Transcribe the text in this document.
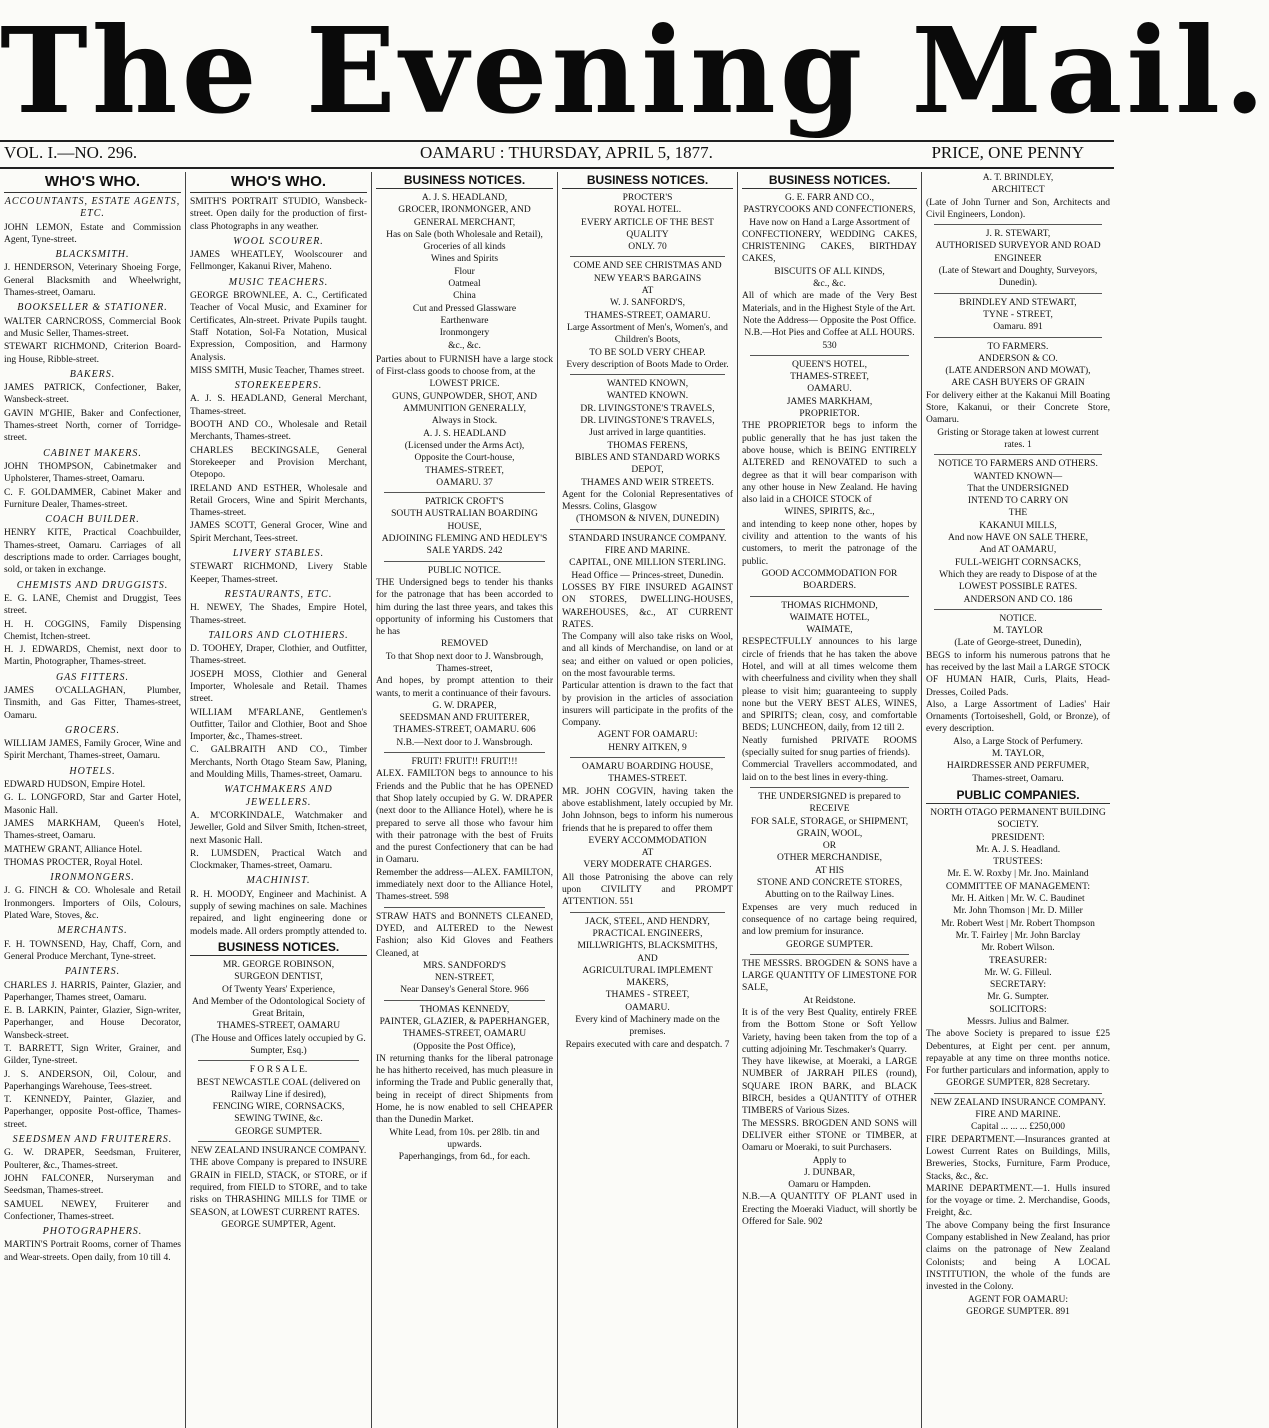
The Evening Mail.
VOL. I.—NO. 296.	OAMARU : THURSDAY, APRIL 5, 1877.	PRICE, ONE PENNY
WHO'S WHO.
ACCOUNTANTS, ESTATE AGENTS, ETC.
JOHN LEMON, Estate and Commission Agent, Tyne-street.
BLACKSMITH.
J. HENDERSON, Veterinary Shoeing Forge, General Blacksmith and Wheelwright, Thames-street, Oamaru.
BOOKSELLER & STATIONER.
WALTER CARNCROSS, Commercial Book and Music Seller, Thames-street.
STEWART RICHMOND, Criterion Board-ing House, Ribble-street.
BAKERS.
JAMES PATRICK, Confectioner, Baker, Wansbeck-street.
GAVIN M'GHIE, Baker and Confectioner, Thames-street North, corner of Torridge-street.
CABINET MAKERS.
JOHN THOMPSON, Cabinetmaker and Upholsterer, Thames-street, Oamaru.
C. F. GOLDAMMER, Cabinet Maker and Furniture Dealer, Thames-street.
COACH BUILDER.
HENRY KITE, Practical Coachbuilder, Thames-street, Oamaru. Carriages of all descriptions made to order. Carriages bought, sold, or taken in exchange.
CHEMISTS AND DRUGGISTS.
E. G. LANE, Chemist and Druggist, Tees street.
H. H. COGGINS, Family Dispensing Chemist, Itchen-street.
H. J. EDWARDS, Chemist, next door to Martin, Photographer, Thames-street.
GAS FITTERS.
JAMES O'CALLAGHAN, Plumber, Tinsmith, and Gas Fitter, Thames-street, Oamaru.
GROCERS.
WILLIAM JAMES, Family Grocer, Wine and Spirit Merchant, Thames-street, Oamaru.
HOTELS.
EDWARD HUDSON, Empire Hotel.
G. L. LONGFORD, Star and Garter Hotel, Masonic Hall.
JAMES MARKHAM, Queen's Hotel, Thames-street, Oamaru.
MATHEW GRANT, Alliance Hotel.
THOMAS PROCTER, Royal Hotel.
IRONMONGERS.
J. G. FINCH & CO. Wholesale and Retail Ironmongers. Importers of Oils, Colours, Plated Ware, Stoves, &c.
MERCHANTS.
F. H. TOWNSEND, Hay, Chaff, Corn, and General Produce Merchant, Tyne-street.
PAINTERS.
CHARLES J. HARRIS, Painter, Glazier, and Paperhanger, Thames street, Oamaru.
E. B. LARKIN, Painter, Glazier, Sign-writer, Paperhanger, and House Decorator, Wansbeck-street.
T. BARRETT, Sign Writer, Grainer, and Gilder, Tyne-street.
J. S. ANDERSON, Oil, Colour, and Paperhangings Warehouse, Tees-street.
T. KENNEDY, Painter, Glazier, and Paperhanger, opposite Post-office, Thames-street.
SEEDSMEN AND FRUITERERS.
G. W. DRAPER, Seedsman, Fruiterer, Poulterer, &c., Thames-street.
JOHN FALCONER, Nurseryman and Seedsman, Thames-street.
SAMUEL NEWEY, Fruiterer and Confectioner, Thames-street.
PHOTOGRAPHERS.
MARTIN'S Portrait Rooms, corner of Thames and Wear-streets. Open daily, from 10 till 4.
WHO'S WHO.
SMITH'S PORTRAIT STUDIO, Wansbeck-street. Open daily for the production of first-class Photographs in any weather.
WOOL SCOURER.
JAMES WHEATLEY, Woolscourer and Fellmonger, Kakanui River, Maheno.
MUSIC TEACHERS.
GEORGE BROWNLEE, A. C., Certificated Teacher of Vocal Music, and Examiner for Certificates, Aln-street. Private Pupils taught. Staff Notation, Sol-Fa Notation, Musical Expression, Composition, and Harmony Analysis.
MISS SMITH, Music Teacher, Thames street.
STOREKEEPERS.
A. J. S. HEADLAND, General Merchant, Thames-street.
BOOTH AND CO., Wholesale and Retail Merchants, Thames-street.
CHARLES BECKINGSALE, General Storekeeper and Provision Merchant, Otepopo.
IRELAND AND ESTHER, Wholesale and Retail Grocers, Wine and Spirit Merchants, Thames-street.
JAMES SCOTT, General Grocer, Wine and Spirit Merchant, Tees-street.
LIVERY STABLES.
STEWART RICHMOND, Livery Stable Keeper, Thames-street.
RESTAURANTS, ETC.
H. NEWEY, The Shades, Empire Hotel, Thames-street.
TAILORS AND CLOTHIERS.
D. TOOHEY, Draper, Clothier, and Outfitter, Thames-street.
JOSEPH MOSS, Clothier and General Importer, Wholesale and Retail. Thames street.
WILLIAM M'FARLANE, Gentlemen's Outfitter, Tailor and Clothier, Boot and Shoe Importer, &c., Thames-street.
C. GALBRAITH AND CO., Timber Merchants, North Otago Steam Saw, Planing, and Moulding Mills, Thames-street, Oamaru.
WATCHMAKERS AND JEWELLERS.
A. M'CORKINDALE, Watchmaker and Jeweller, Gold and Silver Smith, Itchen-street, next Masonic Hall.
R. LUMSDEN, Practical Watch and Clockmaker, Thames-street, Oamaru.
MACHINIST.
R. H. MOODY, Engineer and Machinist. A supply of sewing machines on sale. Machines repaired, and light engineering done or models made. All orders promptly attended to.
BUSINESS NOTICES.
MR. GEORGE ROBINSON,
SURGEON DENTIST,
Of Twenty Years' Experience,
And Member of the Odontological Society of Great Britain,
THAMES-STREET, OAMARU
(The House and Offices lately occupied by G. Sumpter, Esq.)
F O R S A L E.
BEST NEWCASTLE COAL (delivered on Railway Line if desired),
FENCING WIRE, CORNSACKS,
SEWING TWINE, &c.
GEORGE SUMPTER.
NEW ZEALAND INSURANCE COMPANY.
THE above Company is prepared to INSURE GRAIN in FIELD, STACK, or STORE, or if required, from FIELD to STORE, and to take risks on THRASHING MILLS for TIME or SEASON, at LOWEST CURRENT RATES.
GEORGE SUMPTER, Agent.
BUSINESS NOTICES.
A. J. S. HEADLAND,
GROCER, IRONMONGER, AND GENERAL MERCHANT,
Has on Sale (both Wholesale and Retail),
Groceries of all kinds
Wines and Spirits
Flour
Oatmeal
China
Cut and Pressed Glassware
Earthenware
Ironmongery
&c., &c.
Parties about to FURNISH have a large stock of First-class goods to choose from, at the
LOWEST PRICE.
GUNS, GUNPOWDER, SHOT, AND AMMUNITION GENERALLY,
Always in Stock.
A. J. S. HEADLAND
(Licensed under the Arms Act),
Opposite the Court-house,
THAMES-STREET,
OAMARU. 37
PATRICK CROFT'S
SOUTH AUSTRALIAN BOARDING HOUSE,
ADJOINING FLEMING AND HEDLEY'S SALE YARDS. 242
PUBLIC NOTICE.
THE Undersigned begs to tender his thanks for the patronage that has been accorded to him during the last three years, and takes this opportunity of informing his Customers that he has
REMOVED
To that Shop next door to J. Wansbrough, Thames-street,
And hopes, by prompt attention to their wants, to merit a continuance of their favours.
G. W. DRAPER,
SEEDSMAN AND FRUITERER,
THAMES-STREET, OAMARU. 606
N.B.—Next door to J. Wansbrough.
FRUIT! FRUIT!! FRUIT!!!
ALEX. FAMILTON begs to announce to his Friends and the Public that he has OPENED that Shop lately occupied by G. W. DRAPER (next door to the Alliance Hotel), where he is prepared to serve all those who favour him with their patronage with the best of Fruits and the purest Confectionery that can be had in Oamaru.
Remember the address—ALEX. FAMILTON, immediately next door to the Alliance Hotel, Thames-street. 598
STRAW HATS and BONNETS CLEANED, DYED, and ALTERED to the Newest Fashion; also Kid Gloves and Feathers Cleaned, at
MRS. SANDFORD'S
NEN-STREET,
Near Dansey's General Store. 966
THOMAS KENNEDY,
PAINTER, GLAZIER, & PAPERHANGER,
THAMES-STREET, OAMARU
(Opposite the Post Office),
IN returning thanks for the liberal patronage he has hitherto received, has much pleasure in informing the Trade and Public generally that, being in receipt of direct Shipments from Home, he is now enabled to sell CHEAPER than the Dunedin Market.
White Lead, from 10s. per 28lb. tin and upwards.
Paperhangings, from 6d., for each.
BUSINESS NOTICES.
PROCTER'S
ROYAL HOTEL.
EVERY ARTICLE OF THE BEST QUALITY
ONLY. 70
COME AND SEE CHRISTMAS AND NEW YEAR'S BARGAINS
AT
W. J. SANFORD'S,
THAMES-STREET, OAMARU.
Large Assortment of Men's, Women's, and Children's Boots,
TO BE SOLD VERY CHEAP.
Every description of Boots Made to Order.
WANTED KNOWN,
WANTED KNOWN.
DR. LIVINGSTONE'S TRAVELS,
DR. LIVINGSTONE'S TRAVELS,
Just arrived in large quantities.
THOMAS FERENS,
BIBLES AND STANDARD WORKS DEPOT,
THAMES AND WEIR STREETS.
Agent for the Colonial Representatives of Messrs. Colins, Glasgow
(THOMSON & NIVEN, DUNEDIN)
STANDARD INSURANCE COMPANY.
FIRE AND MARINE.
CAPITAL, ONE MILLION STERLING.
Head Office — Princes-street, Dunedin.
LOSSES BY FIRE INSURED AGAINST ON STORES, DWELLING-HOUSES, WAREHOUSES, &c., AT CURRENT RATES.
The Company will also take risks on Wool, and all kinds of Merchandise, on land or at sea; and either on valued or open policies, on the most favourable terms.
Particular attention is drawn to the fact that by provision in the articles of association insurers will participate in the profits of the Company.
AGENT FOR OAMARU:
HENRY AITKEN, 9
OAMARU BOARDING HOUSE,
THAMES-STREET.
MR. JOHN COGVIN, having taken the above establishment, lately occupied by Mr. John Johnson, begs to inform his numerous friends that he is prepared to offer them
EVERY ACCOMMODATION
AT
VERY MODERATE CHARGES.
All those Patronising the above can rely upon CIVILITY and PROMPT ATTENTION. 551
JACK, STEEL, AND HENDRY,
PRACTICAL ENGINEERS, MILLWRIGHTS, BLACKSMITHS,
AND
AGRICULTURAL IMPLEMENT MAKERS,
THAMES - STREET,
OAMARU.
Every kind of Machinery made on the premises.
Repairs executed with care and despatch. 7
BUSINESS NOTICES.
G. E. FARR AND CO.,
PASTRYCOOKS AND CONFECTIONERS,
Have now on Hand a Large Assortment of
CONFECTIONERY, WEDDING CAKES, CHRISTENING CAKES, BIRTHDAY CAKES,
BISCUITS OF ALL KINDS,
&c., &c.
All of which are made of the Very Best Materials, and in the Highest Style of the Art.
Note the Address— Opposite the Post Office.
N.B.—Hot Pies and Coffee at ALL HOURS. 530
QUEEN'S HOTEL,
THAMES-STREET,
OAMARU.
JAMES MARKHAM,
PROPRIETOR.
THE PROPRIETOR begs to inform the public generally that he has just taken the above house, which is BEING ENTIRELY ALTERED and RENOVATED to such a degree as that it will bear comparison with any other house in New Zealand. He having also laid in a CHOICE STOCK of
WINES, SPIRITS, &c.,
and intending to keep none other, hopes by civility and attention to the wants of his customers, to merit the patronage of the public.
GOOD ACCOMMODATION FOR BOARDERS.
THOMAS RICHMOND,
WAIMATE HOTEL,
WAIMATE,
RESPECTFULLY announces to his large circle of friends that he has taken the above Hotel, and will at all times welcome them with cheerfulness and civility when they shall please to visit him; guaranteeing to supply none but the VERY BEST ALES, WINES, and SPIRITS; clean, cosy, and comfortable BEDS; LUNCHEON, daily, from 12 till 2.
Neatly furnished PRIVATE ROOMS (specially suited for snug parties of friends).
Commercial Travellers accommodated, and laid on to the best lines in every-thing.
THE UNDERSIGNED is prepared to RECEIVE
FOR SALE, STORAGE, or SHIPMENT,
GRAIN, WOOL,
OR
OTHER MERCHANDISE,
AT HIS
STONE AND CONCRETE STORES,
Abutting on to the Railway Lines.
Expenses are very much reduced in consequence of no cartage being required, and low premium for insurance.
GEORGE SUMPTER.
THE MESSRS. BROGDEN & SONS have a LARGE QUANTITY OF LIMESTONE FOR SALE,
At Reidstone.
It is of the very Best Quality, entirely FREE from the Bottom Stone or Soft Yellow Variety, having been taken from the top of a cutting adjoining Mr. Teschmaker's Quarry.
They have likewise, at Moeraki, a LARGE NUMBER of JARRAH PILES (round), SQUARE IRON BARK, and BLACK BIRCH, besides a QUANTITY of OTHER TIMBERS of Various Sizes.
The MESSRS. BROGDEN AND SONS will DELIVER either STONE or TIMBER, at Oamaru or Moeraki, to suit Purchasers.
Apply to
J. DUNBAR,
Oamaru or Hampden.
N.B.—A QUANTITY OF PLANT used in Erecting the Moeraki Viaduct, will shortly be Offered for Sale. 902
A. T. BRINDLEY,
ARCHITECT
(Late of John Turner and Son, Architects and Civil Engineers, London).
J. R. STEWART,
AUTHORISED SURVEYOR AND ROAD ENGINEER
(Late of Stewart and Doughty, Surveyors, Dunedin).
BRINDLEY AND STEWART,
TYNE - STREET,
Oamaru. 891
TO FARMERS.
ANDERSON & CO.
(LATE ANDERSON AND MOWAT),
ARE CASH BUYERS OF GRAIN
For delivery either at the Kakanui Mill Boating Store, Kakanui, or their Concrete Store, Oamaru.
Gristing or Storage taken at lowest current rates. 1
NOTICE TO FARMERS AND OTHERS.
WANTED KNOWN—
That the UNDERSIGNED
INTEND TO CARRY ON
THE
KAKANUI MILLS,
And now HAVE ON SALE THERE,
And AT OAMARU,
FULL-WEIGHT CORNSACKS,
Which they are ready to Dispose of at the
LOWEST POSSIBLE RATES.
ANDERSON AND CO. 186
NOTICE.
M. TAYLOR
(Late of George-street, Dunedin),
BEGS to inform his numerous patrons that he has received by the last Mail a LARGE STOCK OF HUMAN HAIR, Curls, Plaits, Head-Dresses, Coiled Pads.
Also, a Large Assortment of Ladies' Hair Ornaments (Tortoiseshell, Gold, or Bronze), of every description.
Also, a Large Stock of Perfumery.
M. TAYLOR,
HAIRDRESSER AND PERFUMER,
Thames-street, Oamaru.
PUBLIC COMPANIES.
NORTH OTAGO PERMANENT BUILDING SOCIETY.
PRESIDENT:
Mr. A. J. S. Headland.
TRUSTEES:
Mr. E. W. Roxby | Mr. Jno. Mainland
COMMITTEE OF MANAGEMENT:
Mr. H. Aitken | Mr. W. C. Baudinet
Mr. John Thomson | Mr. D. Miller
Mr. Robert West | Mr. Robert Thompson
Mr. T. Fairley | Mr. John Barclay
Mr. Robert Wilson.
TREASURER:
Mr. W. G. Filleul.
SECRETARY:
Mr. G. Sumpter.
SOLICITORS:
Messrs. Julius and Balmer.
The above Society is prepared to issue £25 Debentures, at Eight per cent. per annum, repayable at any time on three months notice. For further particulars and information, apply to
GEORGE SUMPTER, 828 Secretary.
NEW ZEALAND INSURANCE COMPANY.
FIRE AND MARINE.
Capital ... ... ... £250,000
FIRE DEPARTMENT.—Insurances granted at Lowest Current Rates on Buildings, Mills, Breweries, Stocks, Furniture, Farm Produce, Stacks, &c., &c.
MARINE DEPARTMENT.—1. Hulls insured for the voyage or time. 2. Merchandise, Goods, Freight, &c.
The above Company being the first Insurance Company established in New Zealand, has prior claims on the patronage of New Zealand Colonists; and being A LOCAL INSTITUTION, the whole of the funds are invested in the Colony.
AGENT FOR OAMARU:
GEORGE SUMPTER. 891
